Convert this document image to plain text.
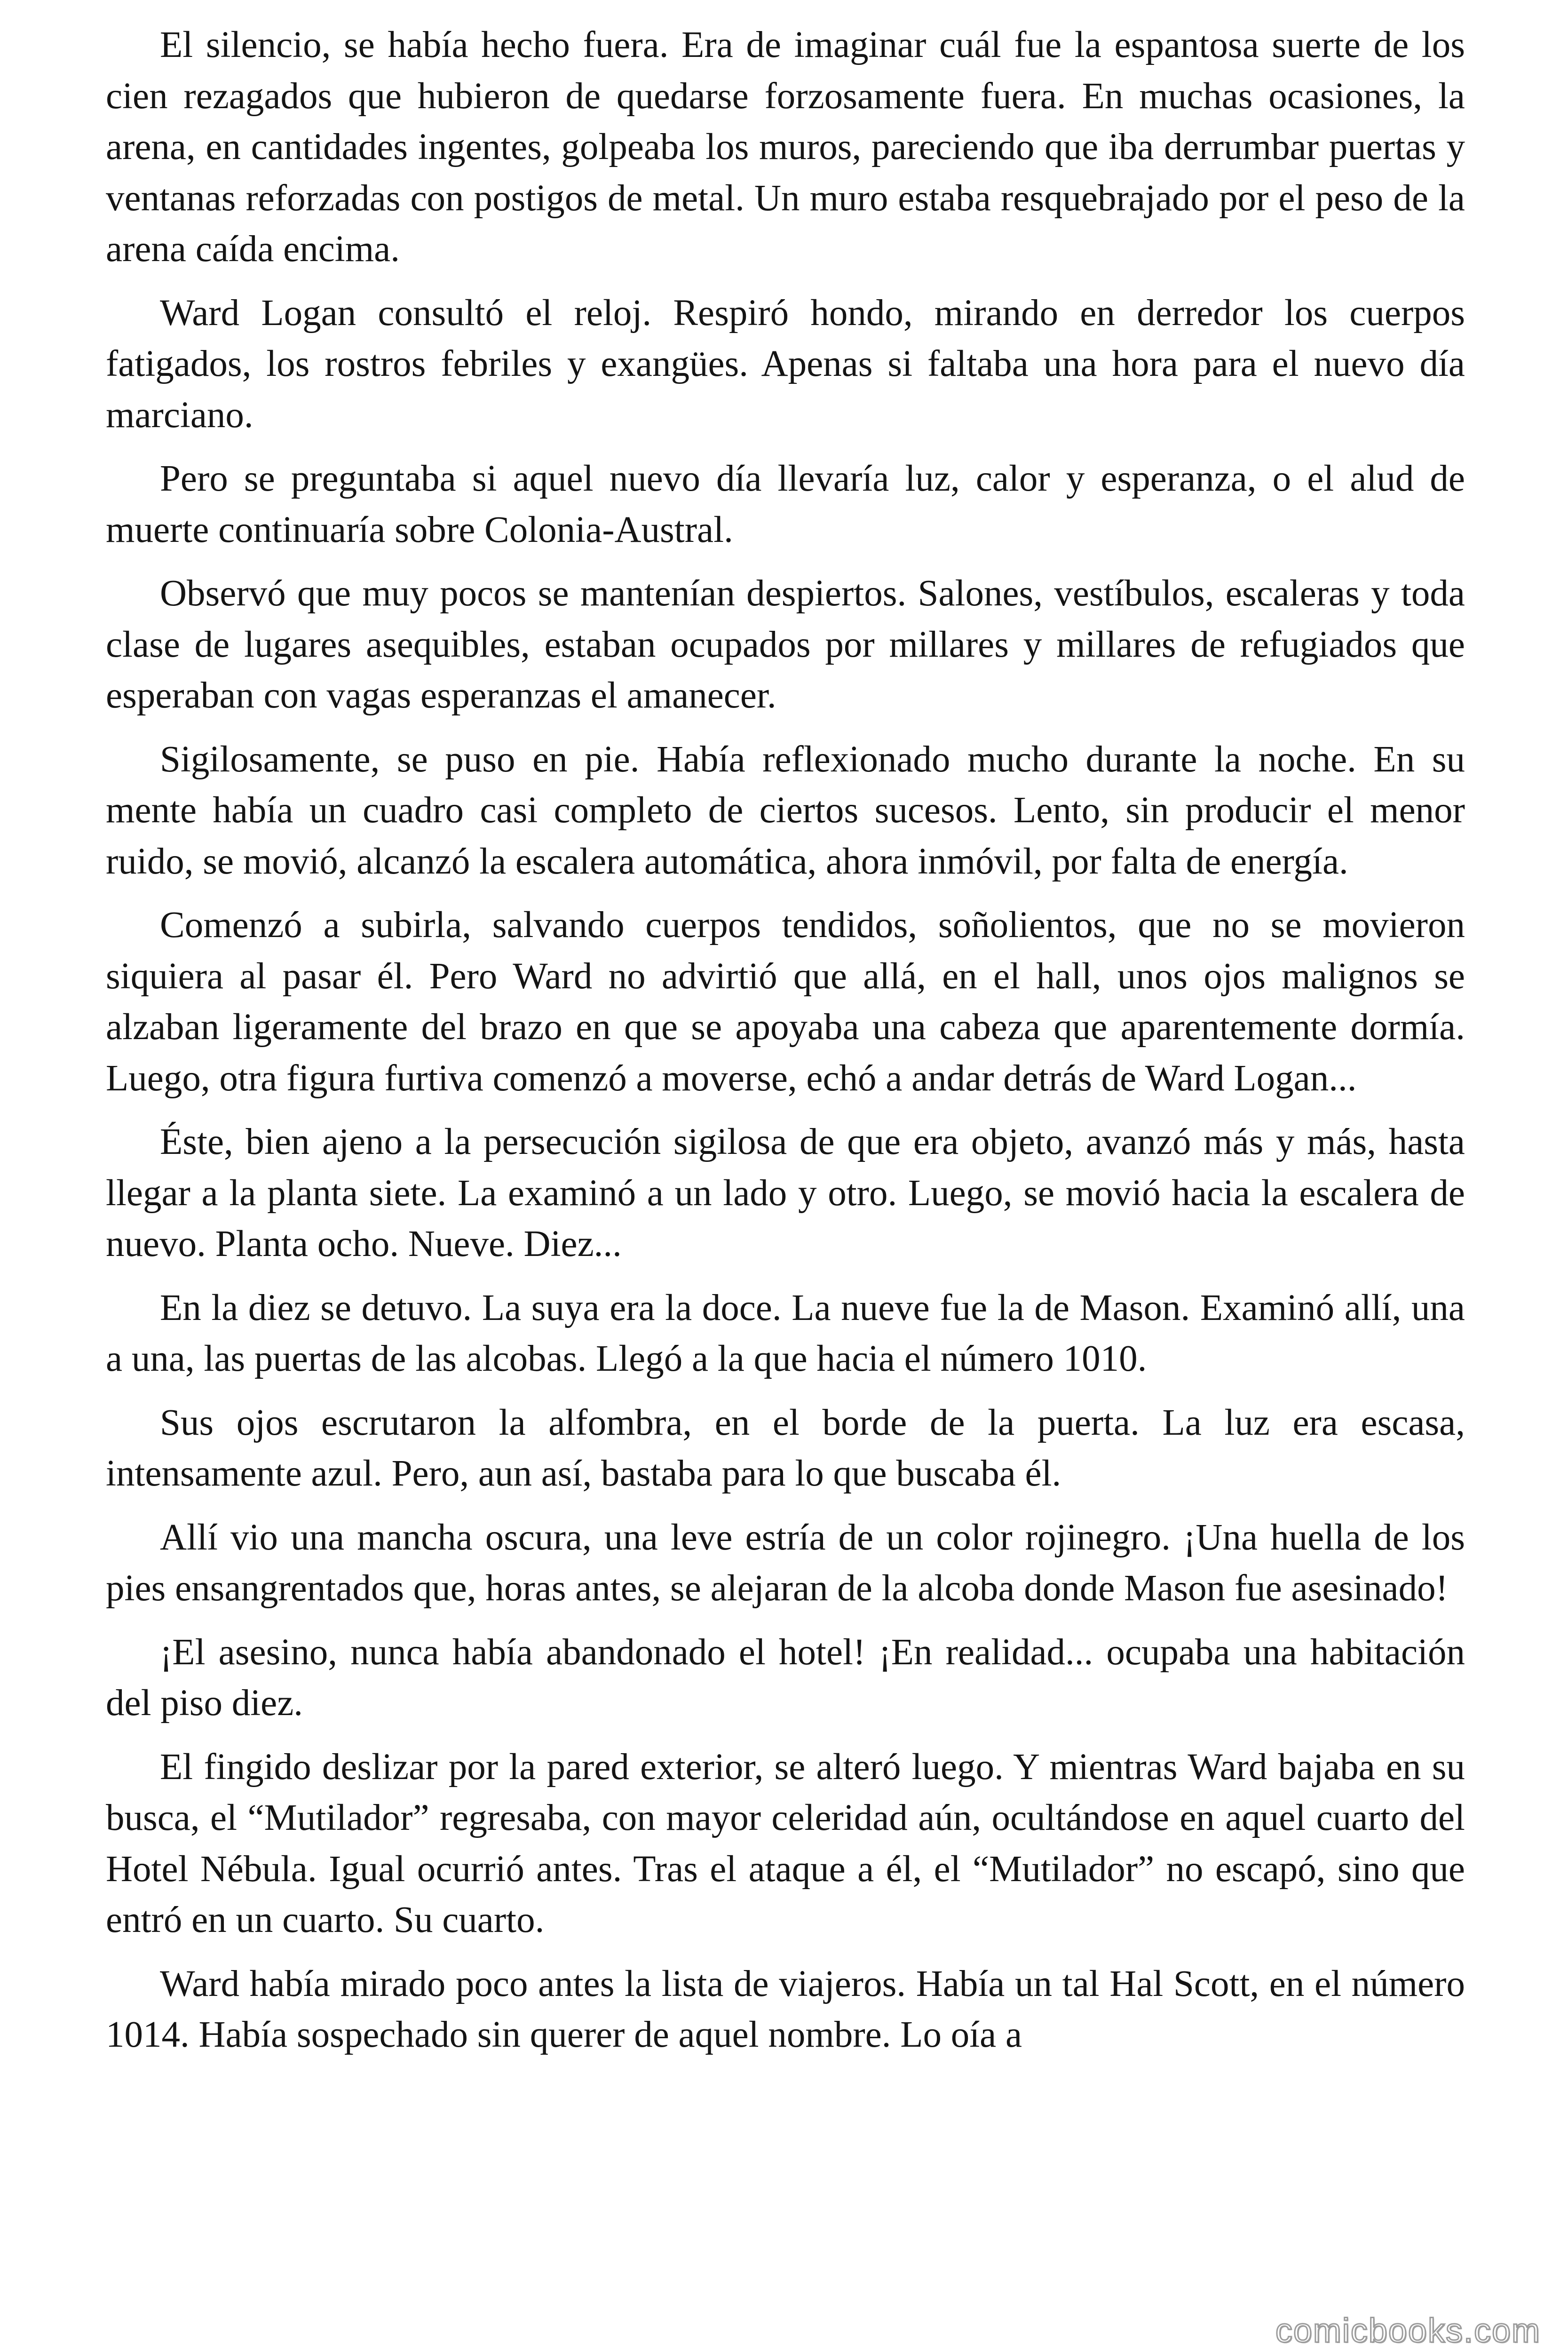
El silencio, se había hecho fuera. Era de imaginar cuál fue la espantosa suerte de los cien rezagados que hubieron de quedarse forzosamente fuera. En muchas ocasiones, la arena, en cantidades ingentes, golpeaba los muros, pareciendo que iba derrumbar puertas y ventanas reforzadas con postigos de metal. Un muro estaba resquebrajado por el peso de la arena caída encima.

Ward Logan consultó el reloj. Respiró hondo, mirando en derredor los cuerpos fatigados, los rostros febriles y exangües. Apenas si faltaba una hora para el nuevo día marciano.

Pero se preguntaba si aquel nuevo día llevaría luz, calor y esperanza, o el alud de muerte continuaría sobre Colonia-Austral.

Observó que muy pocos se mantenían despiertos. Salones, vestíbulos, escaleras y toda clase de lugares asequibles, estaban ocupados por millares y millares de refugiados que esperaban con vagas esperanzas el amanecer.

Sigilosamente, se puso en pie. Había reflexionado mucho durante la noche. En su mente había un cuadro casi completo de ciertos sucesos. Lento, sin producir el menor ruido, se movió, alcanzó la escalera automática, ahora inmóvil, por falta de energía.

Comenzó a subirla, salvando cuerpos tendidos, soñolientos, que no se movieron siquiera al pasar él. Pero Ward no advirtió que allá, en el hall, unos ojos malignos se alzaban ligeramente del brazo en que se apoyaba una cabeza que aparentemente dormía. Luego, otra figura furtiva comenzó a moverse, echó a andar detrás de Ward Logan...

Éste, bien ajeno a la persecución sigilosa de que era objeto, avanzó más y más, hasta llegar a la planta siete. La examinó a un lado y otro. Luego, se movió hacia la escalera de nuevo. Planta ocho. Nueve. Diez...

En la diez se detuvo. La suya era la doce. La nueve fue la de Mason. Examinó allí, una a una, las puertas de las alcobas. Llegó a la que hacia el número 1010.

Sus ojos escrutaron la alfombra, en el borde de la puerta. La luz era escasa, intensamente azul. Pero, aun así, bastaba para lo que buscaba él.

Allí vio una mancha oscura, una leve estría de un color rojinegro. ¡Una huella de los pies ensangrentados que, horas antes, se alejaran de la alcoba donde Mason fue asesinado!

¡El asesino, nunca había abandonado el hotel! ¡En realidad... ocupaba una habitación del piso diez.

El fingido deslizar por la pared exterior, se alteró luego. Y mientras Ward bajaba en su busca, el “Mutilador” regresaba, con mayor celeridad aún, ocultándose en aquel cuarto del Hotel Nébula. Igual ocurrió antes. Tras el ataque a él, el “Mutilador” no escapó, sino que entró en un cuarto. Su cuarto.

Ward había mirado poco antes la lista de viajeros. Había un tal Hal Scott, en el número 1014. Había sospechado sin querer de aquel nombre. Lo oía a

comicbooks.com
